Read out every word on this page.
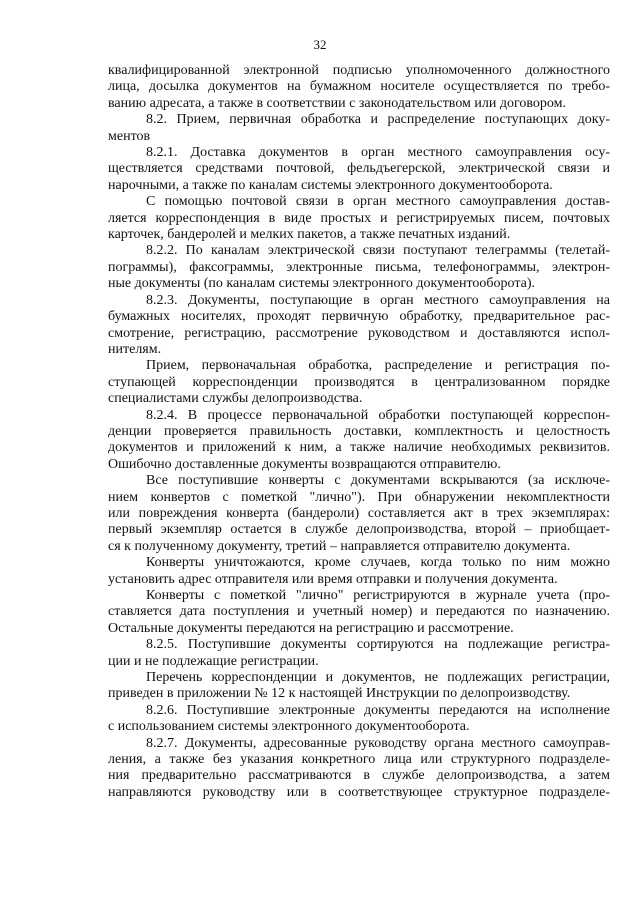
32
квалифицированной электронной подписью уполномоченного должностного
лица, досылка документов на бумажном носителе осуществляется по требо-
ванию адресата, а также в соответствии с законодательством или договором.
8.2. Прием, первичная обработка и распределение поступающих доку-
ментов
8.2.1. Доставка документов в орган местного самоуправления осу-
ществляется средствами почтовой, фельдъегерской, электрической связи и
нарочными, а также по каналам системы электронного документооборота.
С помощью почтовой связи в орган местного самоуправления достав-
ляется корреспонденция в виде простых и регистрируемых писем, почтовых
карточек, бандеролей и мелких пакетов, а также печатных изданий.
8.2.2. По каналам электрической связи поступают телеграммы (телетай-
пограммы), факсограммы, электронные письма, телефонограммы, электрон-
ные документы (по каналам системы электронного документооборота).
8.2.3. Документы, поступающие в орган местного самоуправления на
бумажных носителях, проходят первичную обработку, предварительное рас-
смотрение, регистрацию, рассмотрение руководством и доставляются испол-
нителям.
Прием, первоначальная обработка, распределение и регистрация по-
ступающей корреспонденции производятся в централизованном порядке
специалистами службы делопроизводства.
8.2.4. В процессе первоначальной обработки поступающей корреспон-
денции проверяется правильность доставки, комплектность и целостность
документов и приложений к ним, а также наличие необходимых реквизитов.
Ошибочно доставленные документы возвращаются отправителю.
Все поступившие конверты с документами вскрываются (за исключе-
нием конвертов с пометкой "лично"). При обнаружении некомплектности
или повреждения конверта (бандероли) составляется акт в трех экземплярах:
первый экземпляр остается в службе делопроизводства, второй – приобщает-
ся к полученному документу, третий – направляется отправителю документа.
Конверты уничтожаются, кроме случаев, когда только по ним можно
установить адрес отправителя или время отправки и получения документа.
Конверты с пометкой "лично" регистрируются в журнале учета (про-
ставляется дата поступления и учетный номер) и передаются по назначению.
Остальные документы передаются на регистрацию и рассмотрение.
8.2.5. Поступившие документы сортируются на подлежащие регистра-
ции и не подлежащие регистрации.
Перечень корреспонденции и документов, не подлежащих регистрации,
приведен в приложении № 12 к настоящей Инструкции по делопроизводству.
8.2.6. Поступившие электронные документы передаются на исполнение
с использованием системы электронного документооборота.
8.2.7. Документы, адресованные руководству органа местного самоуправ-
ления, а также без указания конкретного лица или структурного подразделе-
ния предварительно рассматриваются в службе делопроизводства, а затем
направляются руководству или в соответствующее структурное подразделе-
